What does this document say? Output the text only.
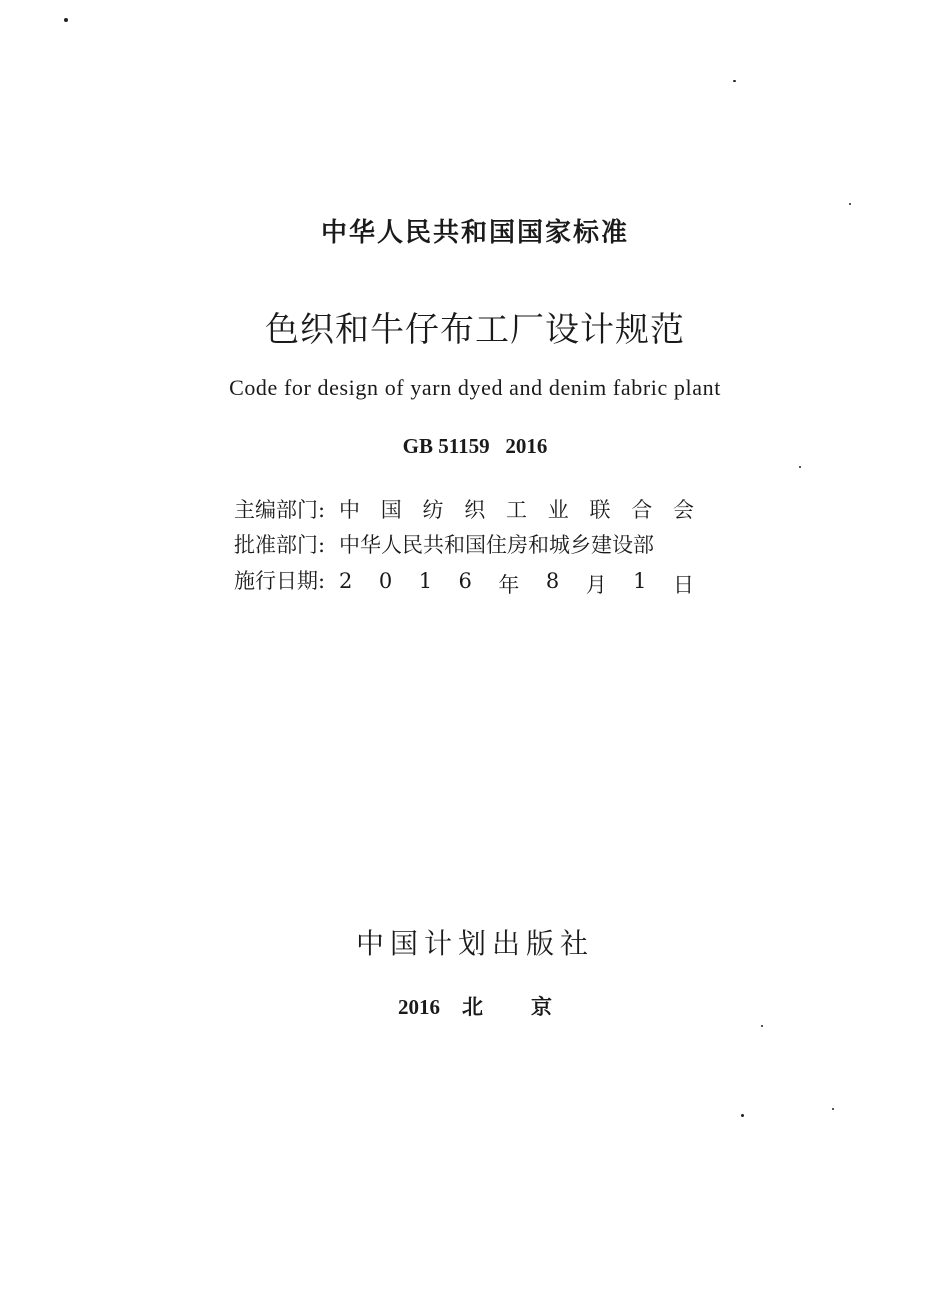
中华人民共和国国家标准
色织和牛仔布工厂设计规范
Code for design of yarn dyed and denim fabric plant
GB 51159   2016
主编部门: 中 国 纺 织 工 业 联 合 会
批准部门: 中华人民共和国住房和城乡建设部
施行日期: 2 0 1 6 年 8 月 1 日
中国计划出版社
2016 北 京
